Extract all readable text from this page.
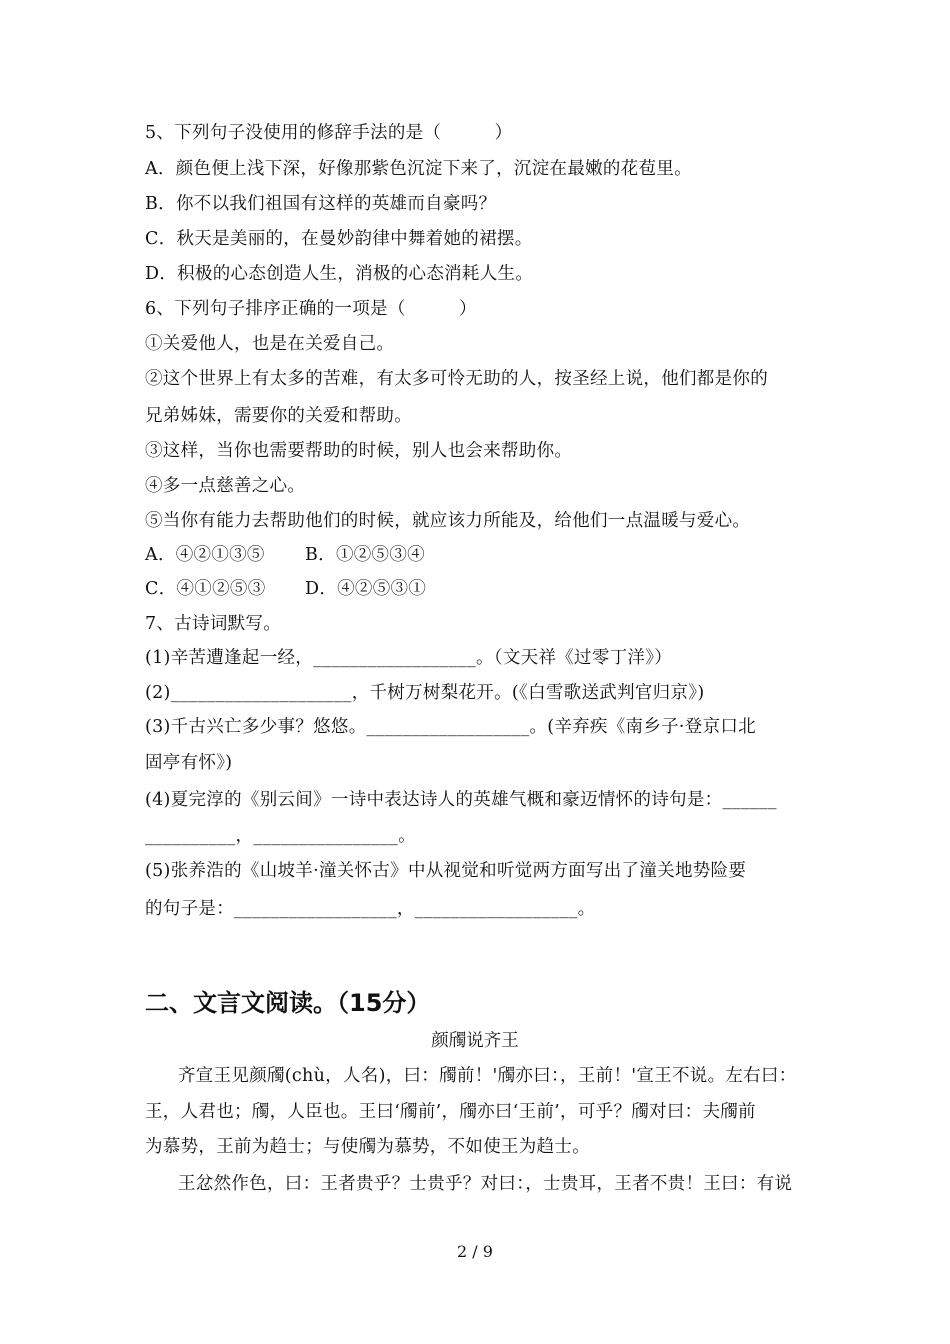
5、下列句子没使用的修辞手法的是（　　　）
A．颜色便上浅下深，好像那紫色沉淀下来了，沉淀在最嫩的花苞里。
B．你不以我们祖国有这样的英雄而自豪吗？
C．秋天是美丽的，在曼妙韵律中舞着她的裙摆。
D．积极的心态创造人生，消极的心态消耗人生。
6、下列句子排序正确的一项是（　　　）
①关爱他人，也是在关爱自己。
②这个世界上有太多的苦难，有太多可怜无助的人，按圣经上说，他们都是你的
兄弟姊妹，需要你的关爱和帮助。
③这样，当你也需要帮助的时候，别人也会来帮助你。
④多一点慈善之心。
⑤当你有能力去帮助他们的时候，就应该力所能及，给他们一点温暖与爱心。
A．④②①③⑤ B．①②⑤③④
C．④①②⑤③ D．④②⑤③①
7、古诗词默写。
(1)辛苦遭逢起一经，__________________。（文天祥《过零丁洋》）
(2)____________________，千树万树梨花开。(《白雪歌送武判官归京》)
(3)千古兴亡多少事？悠悠。__________________。(辛弃疾《南乡子·登京口北
固亭有怀》)
(4)夏完淳的《别云间》一诗中表达诗人的英雄气概和豪迈情怀的诗句是：______
__________，________________。
(5)张养浩的《山坡羊·潼关怀古》中从视觉和听觉两方面写出了潼关地势险要
的句子是：__________________，__________________。
二、文言文阅读。（15分）
颜斶说齐王
齐宣王见颜斶(chù，人名)，曰：斶前！'斶亦曰：，王前！'宣王不说。左右曰：
王，人君也；斶，人臣也。王曰‘斶前’，斶亦曰‘王前’，可乎？斶对曰：夫斶前
为慕势，王前为趋士；与使斶为慕势，不如使王为趋士。
王忿然作色，曰：王者贵乎？士贵乎？对曰：，士贵耳，王者不贵！王曰：有说
2 / 9
